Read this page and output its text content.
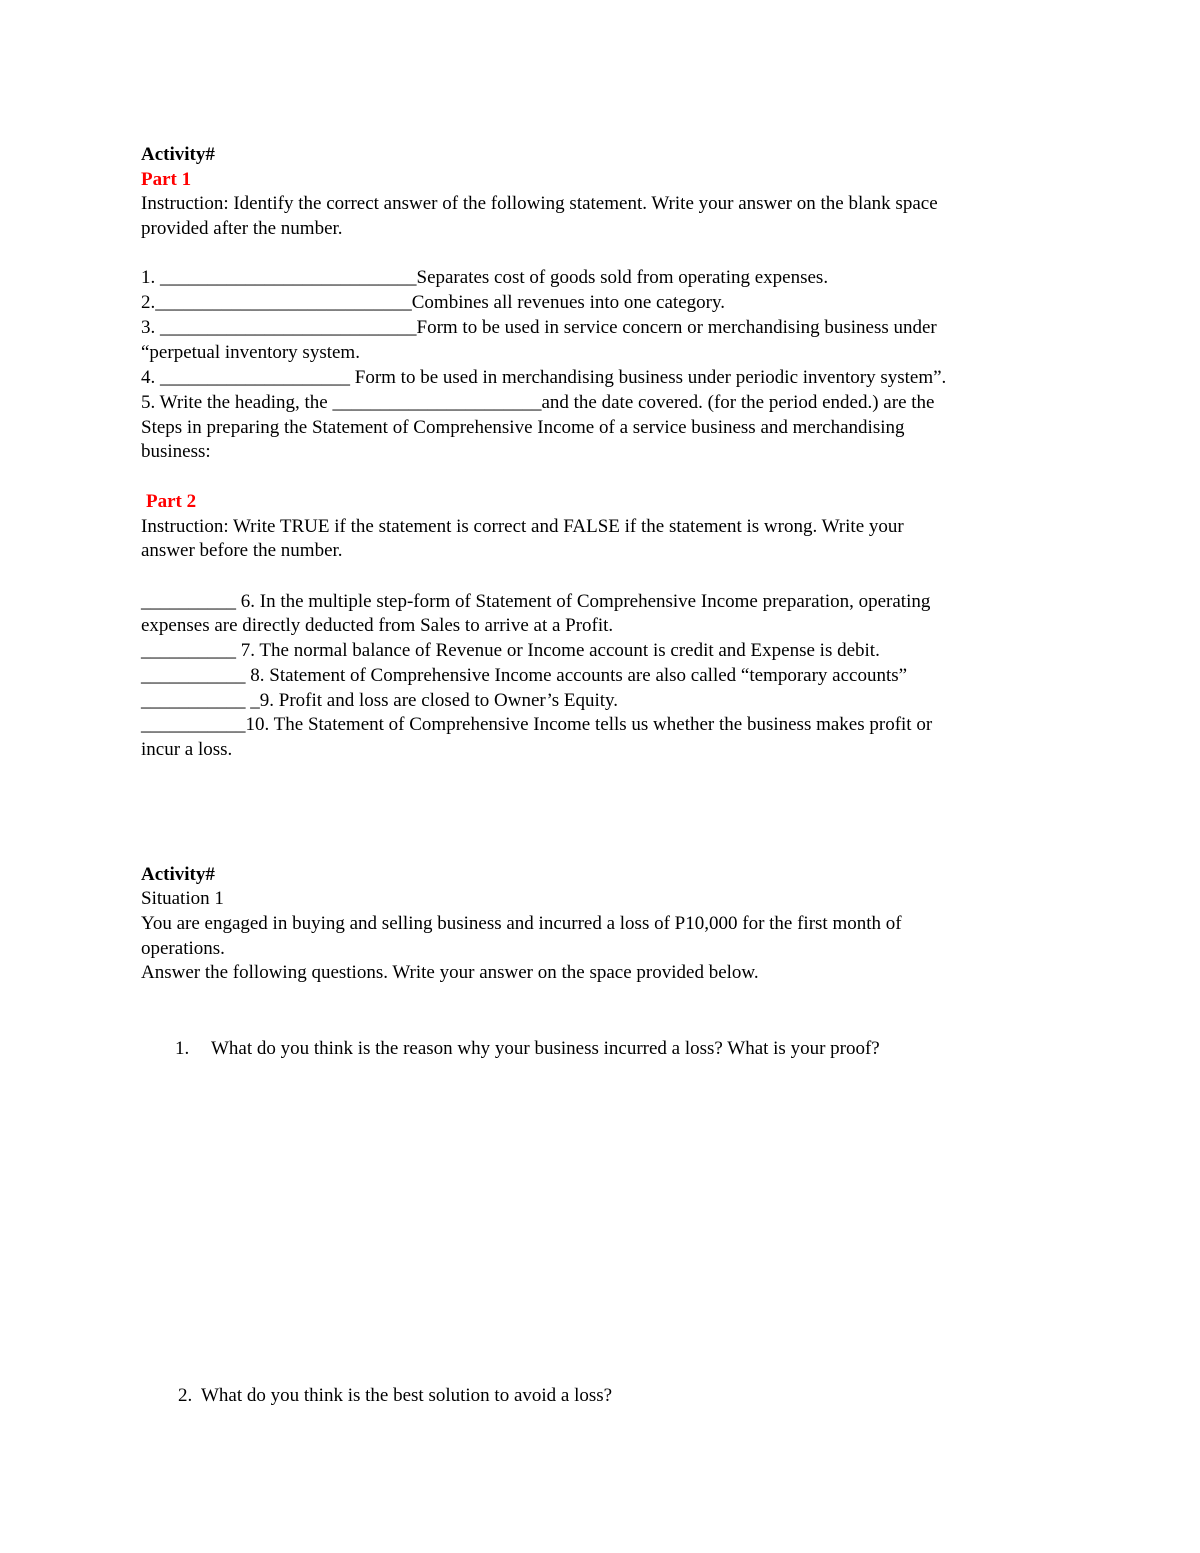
Activity#
Part 1
Instruction: Identify the correct answer of the following statement. Write your answer on the blank space
provided after the number.
1. ___________________________Separates cost of goods sold from operating expenses.
2.___________________________Combines all revenues into one category.
3. ___________________________Form to be used in service concern or merchandising business under
“perpetual inventory system.
4. ____________________ Form to be used in merchandising business under periodic inventory system”.
5. Write the heading, the ______________________and the date covered. (for the period ended.) are the
Steps in preparing the Statement of Comprehensive Income of a service business and merchandising
business:
Part 2
Instruction: Write TRUE if the statement is correct and FALSE if the statement is wrong. Write your
answer before the number.
__________ 6. In the multiple step-form of Statement of Comprehensive Income preparation, operating
expenses are directly deducted from Sales to arrive at a Profit.
__________ 7. The normal balance of Revenue or Income account is credit and Expense is debit.
___________ 8. Statement of Comprehensive Income accounts are also called “temporary accounts”
___________ _9. Profit and loss are closed to Owner’s Equity.
___________10. The Statement of Comprehensive Income tells us whether the business makes profit or
incur a loss.
Activity#
Situation 1
You are engaged in buying and selling business and incurred a loss of P10,000 for the first month of
operations.
Answer the following questions. Write your answer on the space provided below.
1. What do you think is the reason why your business incurred a loss? What is your proof?
2. What do you think is the best solution to avoid a loss?
